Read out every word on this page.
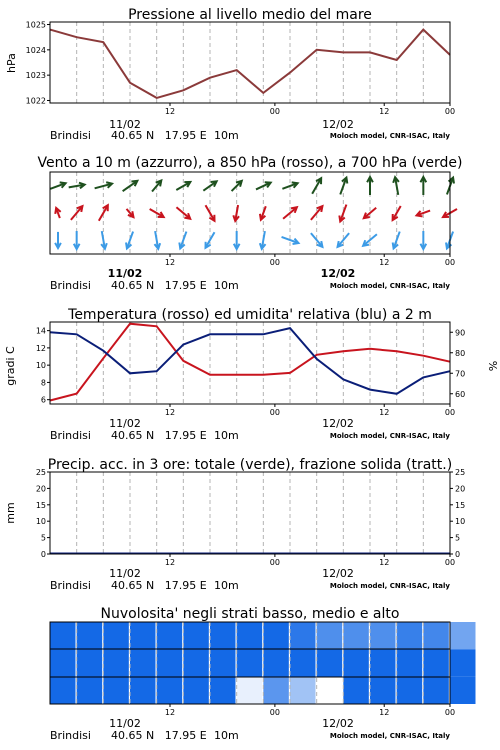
Pressione al livello medio del mare
hPa
1022
1023
1024
1025
12	00	12	00
11/02	12/02
Brindisi 40.65 N   17.95 E 10m	Moloch model, CNR-ISAC, Italy
Vento a 10 m (azzurro), a 850 hPa (rosso), a 700 hPa (verde)
12	00	12	00
11/02	12/02
Brindisi 40.65 N   17.95 E 10m	Moloch model, CNR-ISAC, Italy
Temperatura (rosso) ed umidita' relativa (blu) a 2 m
gradi C	%
6
8
10
12
14
60
70
80
90
12	00	12	00
11/02	12/02
Brindisi 40.65 N   17.95 E 10m	Moloch model, CNR-ISAC, Italy
Precip. acc. in 3 ore: totale (verde), frazione solida (tratt.)
mm
0	0
5	5
10	10
15	15
20	20
25	25
12	00	12	00
11/02	12/02
Brindisi 40.65 N   17.95 E 10m	Moloch model, CNR-ISAC, Italy
Nuvolosita' negli strati basso, medio e alto
12	00	12	00
11/02	12/02
Brindisi 40.65 N   17.95 E 10m	Moloch model, CNR-ISAC, Italy
